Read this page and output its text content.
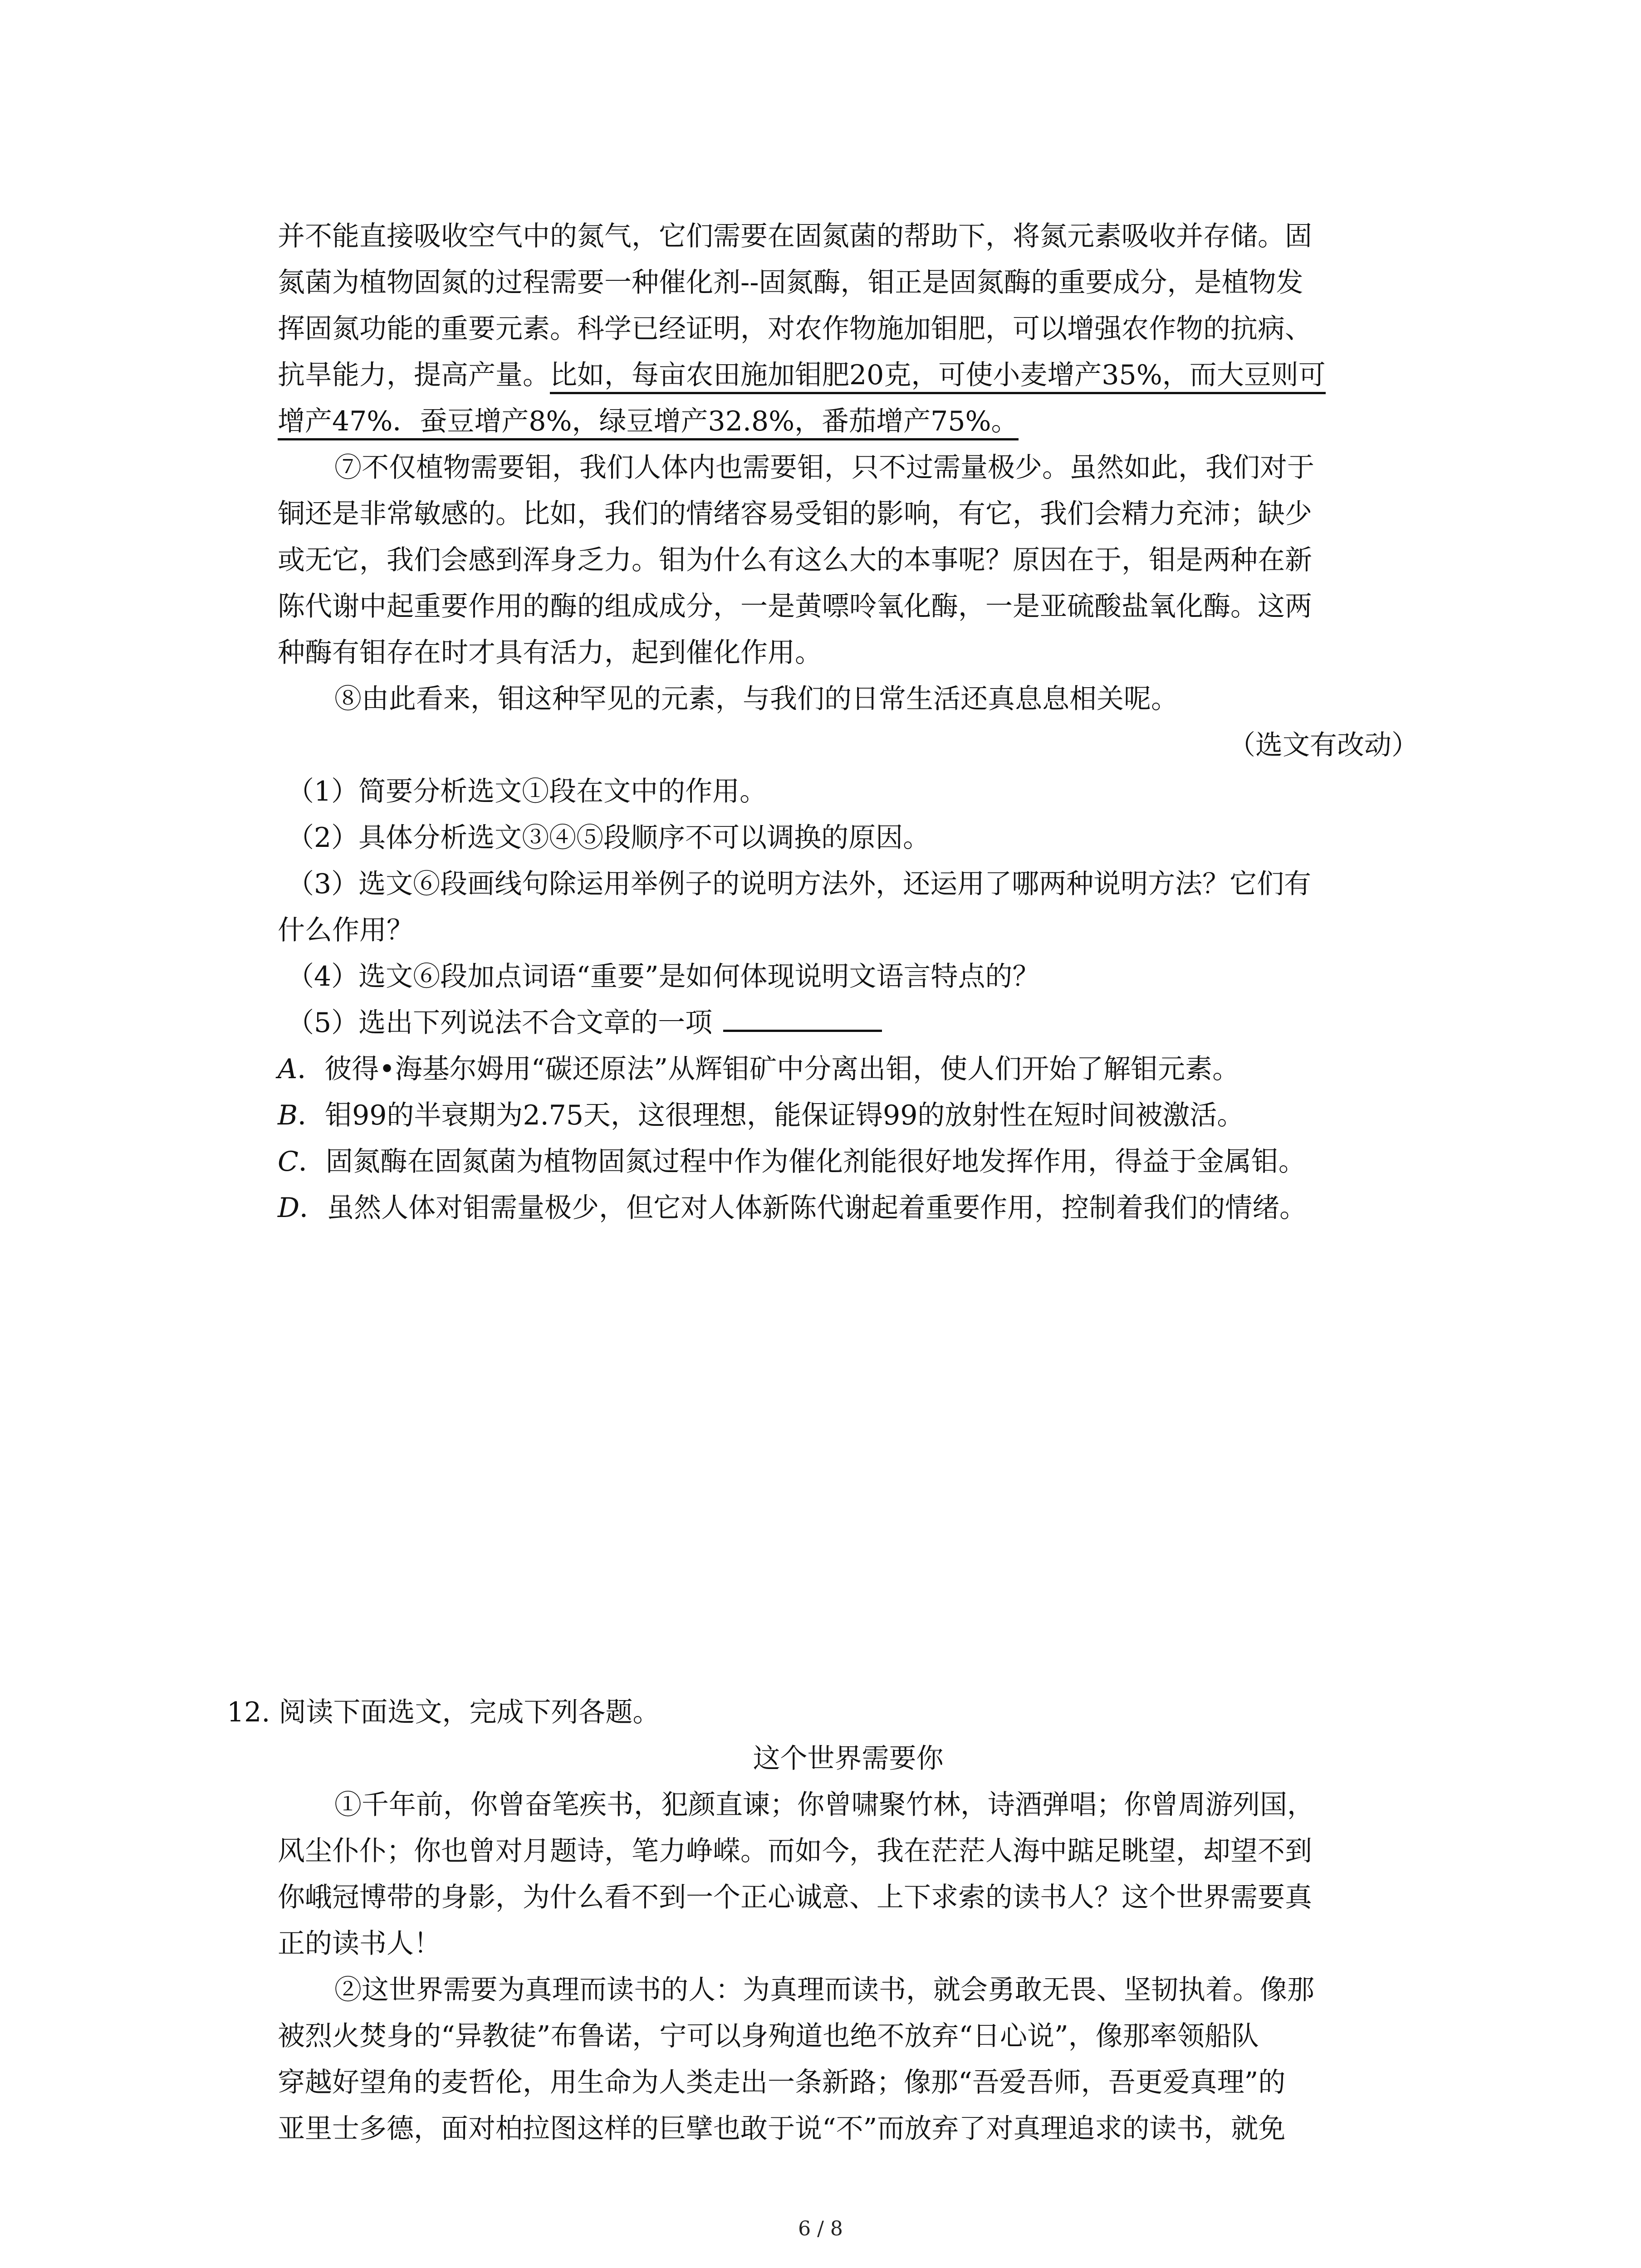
并不能直接吸收空气中的氮气，它们需要在固氮菌的帮助下，将氮元素吸收并存储。固

氮菌为植物固氮的过程需要一种催化剂--固氮酶，钼正是固氮酶的重要成分，是植物发

挥固氮功能的重要元素。科学已经证明，对农作物施加钼肥，可以增强农作物的抗病、

抗旱能力，提高产量。比如，每亩农田施加钼肥20克，可使小麦增产35%，而大豆则可

增产47%．蚕豆增产8%，绿豆增产32.8%，番茄增产75%。

⑦不仅植物需要钼，我们人体内也需要钼，只不过需量极少。虽然如此，我们对于

铜还是非常敏感的。比如，我们的情绪容易受钼的影响，有它，我们会精力充沛；缺少

或无它，我们会感到浑身乏力。钼为什么有这么大的本事呢？原因在于，钼是两种在新

陈代谢中起重要作用的酶的组成成分，一是黄嘌呤氧化酶，一是亚硫酸盐氧化酶。这两

种酶有钼存在时才具有活力，起到催化作用。

⑧由此看来，钼这种罕见的元素，与我们的日常生活还真息息相关呢。

（选文有改动）

（1）简要分析选文①段在文中的作用。

（2）具体分析选文③④⑤段顺序不可以调换的原因。

（3）选文⑥段画线句除运用举例子的说明方法外，还运用了哪两种说明方法？它们有

什么作用？

（4）选文⑥段加点词语“重要”是如何体现说明文语言特点的？

（5）选出下列说法不合文章的一项

A．彼得•海基尔姆用“碳还原法”从辉钼矿中分离出钼，使人们开始了解钼元素。

B．钼99的半衰期为2.75天，这很理想，能保证锝99的放射性在短时间被激活。

C．固氮酶在固氮菌为植物固氮过程中作为催化剂能很好地发挥作用，得益于金属钼。

D．虽然人体对钼需量极少，但它对人体新陈代谢起着重要作用，控制着我们的情绪。

12. 阅读下面选文，完成下列各题。

这个世界需要你

①千年前，你曾奋笔疾书，犯颜直谏；你曾啸聚竹林，诗酒弹唱；你曾周游列国，

风尘仆仆；你也曾对月题诗，笔力峥嵘。而如今，我在茫茫人海中踮足眺望，却望不到

你峨冠博带的身影，为什么看不到一个正心诚意、上下求索的读书人？这个世界需要真

正的读书人！

②这世界需要为真理而读书的人：为真理而读书，就会勇敢无畏、坚韧执着。像那

被烈火焚身的“异教徒”布鲁诺，宁可以身殉道也绝不放弃“日心说”，像那率领船队

穿越好望角的麦哲伦，用生命为人类走出一条新路；像那“吾爱吾师，吾更爱真理”的

亚里士多德，面对柏拉图这样的巨擘也敢于说“不”而放弃了对真理追求的读书，就免

6 / 8
